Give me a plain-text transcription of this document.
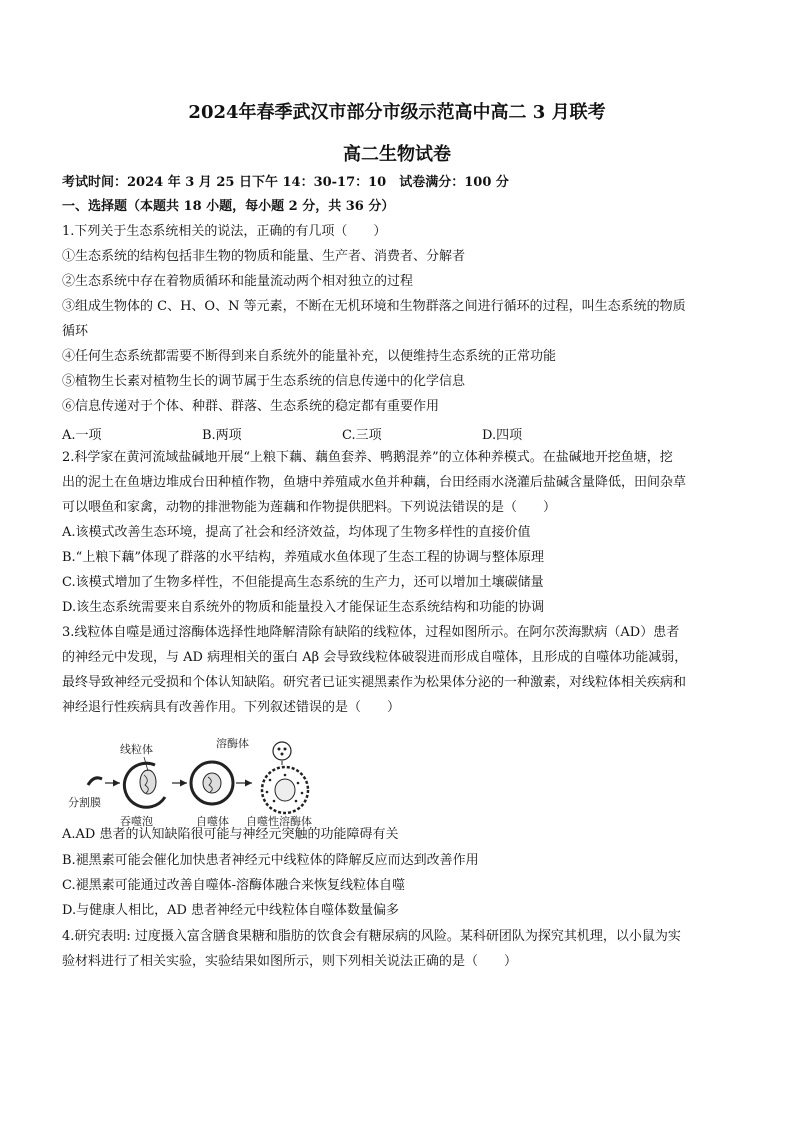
2024年春季武汉市部分市级示范高中高二 3 月联考
高二生物试卷
考试时间：2024 年 3 月 25 日下午 14：30-17：10　试卷满分：100 分
一、选择题（本题共 18 小题，每小题 2 分，共 36 分）
1.下列关于生态系统相关的说法，正确的有几项（　　）
①生态系统的结构包括非生物的物质和能量、生产者、消费者、分解者
②生态系统中存在着物质循环和能量流动两个相对独立的过程
③组成生物体的 C、H、O、N 等元素，不断在无机环境和生物群落之间进行循环的过程，叫生态系统的物质
循环
④任何生态系统都需要不断得到来自系统外的能量补充，以便维持生态系统的正常功能
⑤植物生长素对植物生长的调节属于生态系统的信息传递中的化学信息
⑥信息传递对于个体、种群、群落、生态系统的稳定都有重要作用
A.一项	B.两项	C.三项	D.四项
2.科学家在黄河流域盐碱地开展“上粮下藕、藕鱼套养、鸭鹅混养”的立体种养模式。在盐碱地开挖鱼塘，挖
出的泥土在鱼塘边堆成台田种植作物，鱼塘中养殖咸水鱼并种藕，台田经雨水浇灌后盐碱含量降低，田间杂草
可以喂鱼和家禽，动物的排泄物能为莲藕和作物提供肥料。下列说法错误的是（　　）
A.该模式改善生态环境，提高了社会和经济效益，均体现了生物多样性的直接价值
B.“上粮下藕”体现了群落的水平结构，养殖咸水鱼体现了生态工程的协调与整体原理
C.该模式增加了生物多样性，不但能提高生态系统的生产力，还可以增加土壤碳储量
D.该生态系统需要来自系统外的物质和能量投入才能保证生态系统结构和功能的协调
3.线粒体自噬是通过溶酶体选择性地降解清除有缺陷的线粒体，过程如图所示。在阿尔茨海默病（AD）患者
的神经元中发现，与 AD 病理相关的蛋白 Aβ 会导致线粒体破裂进而形成自噬体，且形成的自噬体功能减弱，
最终导致神经元受损和个体认知缺陷。研究者已证实褪黑素作为松果体分泌的一种激素，对线粒体相关疾病和
神经退行性疾病具有改善作用。下列叙述错误的是（　　）
分割膜
线粒体
吞噬泡	自噬体
溶酶体
自噬性溶酶体
A.AD 患者的认知缺陷很可能与神经元突触的功能障碍有关
B.褪黑素可能会催化加快患者神经元中线粒体的降解反应而达到改善作用
C.褪黑素可能通过改善自噬体-溶酶体融合来恢复线粒体自噬
D.与健康人相比，AD 患者神经元中线粒体自噬体数量偏多
4.研究表明: 过度摄入富含膳食果糖和脂肪的饮食会有糖尿病的风险。某科研团队为探究其机理，以小鼠为实
验材料进行了相关实验，实验结果如图所示，则下列相关说法正确的是（　　）
